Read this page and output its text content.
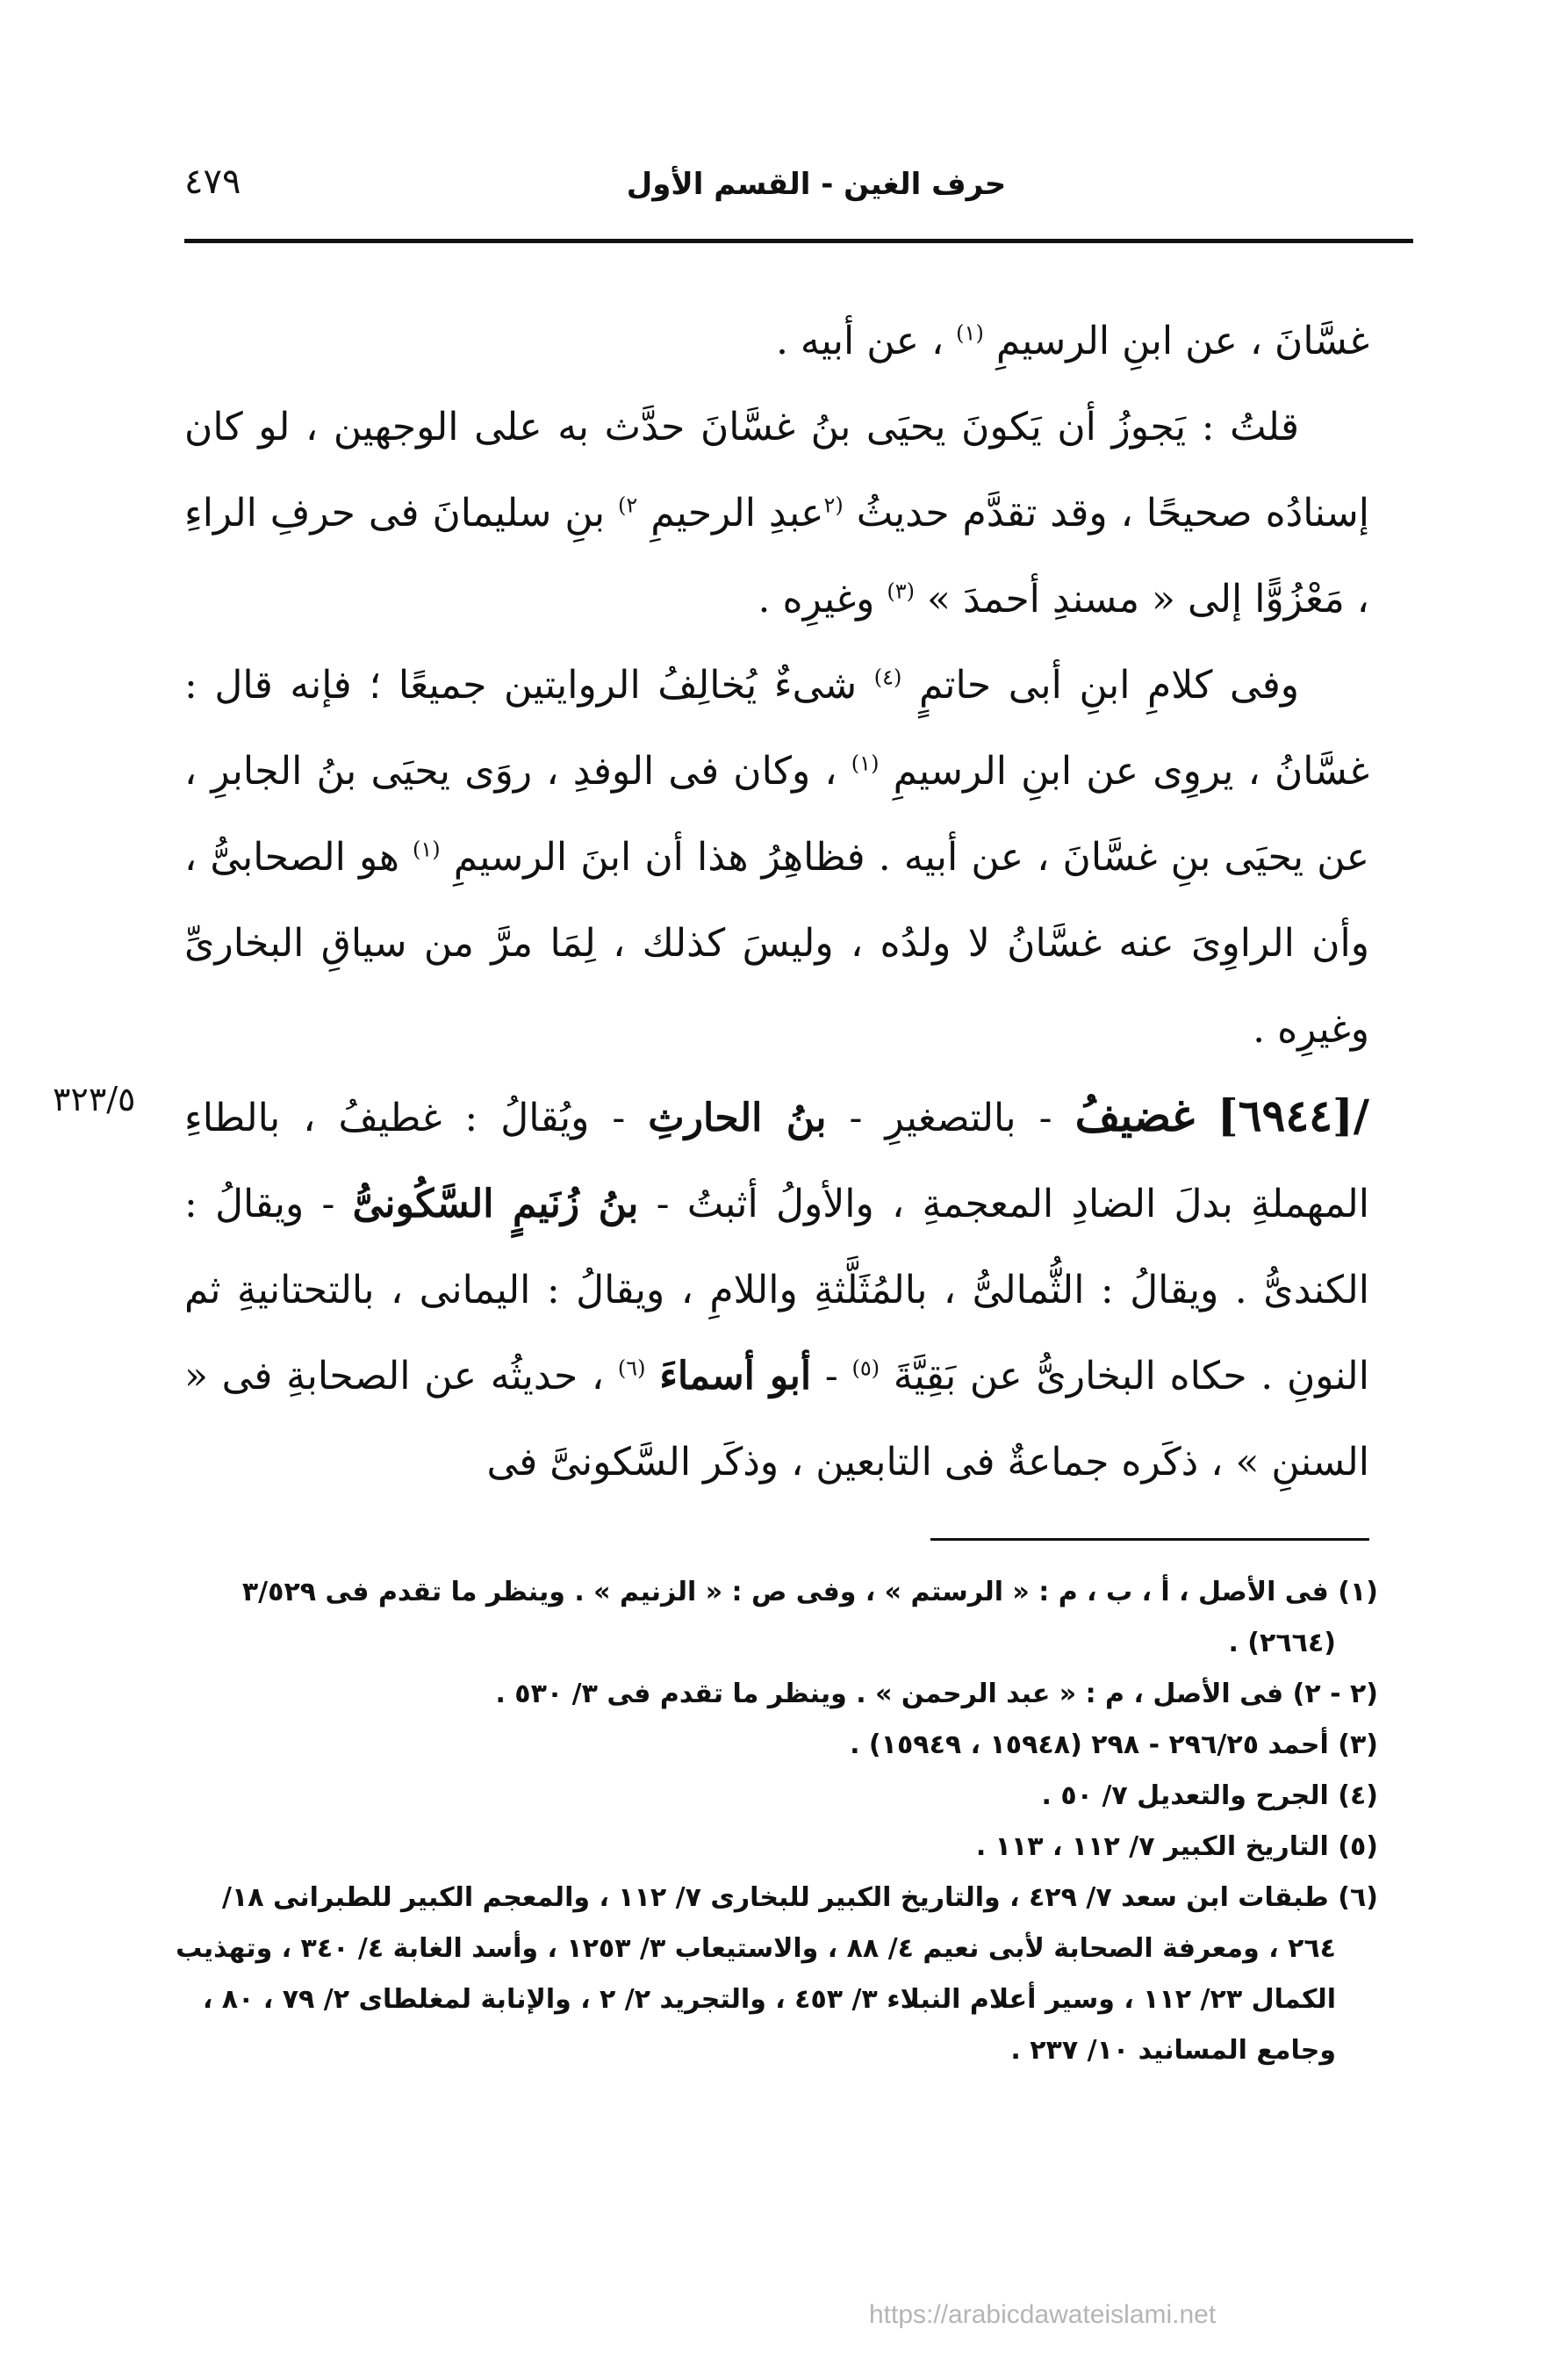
٤٧٩	حرف الغين - القسم الأول
٣٢٣/٥

غسَّانَ ، عن ابنِ الرسيمِ $^{(١)}$ ، عن أبيه .

قلتُ : يَجوزُ أن يَكونَ يحيَى بنُ غسَّانَ حدَّث به على الوجهين ، لو كان إسنادُه صحيحًا ، وقد تقدَّم حديثُ $^{(٢}$عبدِ الرحيمِ $^{٢)}$ بنِ سليمانَ فى حرفِ الراءِ ، مَعْزُوًّا إلى « مسندِ أحمدَ » $^{(٣)}$ وغيرِه .

وفى كلامِ ابنِ أبى حاتمٍ $^{(٤)}$ شىءٌ يُخالِفُ الروايتين جميعًا ؛ فإنه قال : غسَّانُ ، يروِى عن ابنِ الرسيمِ $^{(١)}$ ، وكان فى الوفدِ ، روَى يحيَى بنُ الجابرِ ، عن يحيَى بنِ غسَّانَ ، عن أبيه . فظاهِرُ هذا أن ابنَ الرسيمِ $^{(١)}$ هو الصحابىُّ ، وأن الراوِىَ عنه غسَّانُ لا ولدُه ، وليسَ كذلك ، لِمَا مرَّ من سياقِ البخارىِّ وغيرِه .

/[٦٩٤٤] غضيفُ - بالتصغيرِ - بنُ الحارثِ - ويُقالُ : غطيفُ ، بالطاءِ المهملةِ بدلَ الضادِ المعجمةِ ، والأولُ أثبتُ - بنُ زُنَيمٍ السَّكُونىُّ - ويقالُ : الكندىُّ . ويقالُ : الثُّمالىُّ ، بالمُثَلَّثةِ واللامِ ، ويقالُ : اليمانى ، بالتحتانيةِ ثم النونِ . حكاه البخارىُّ عن بَقِيَّةَ $^{(٥)}$ - أبو أسماءَ $^{(٦)}$ ، حديثُه عن الصحابةِ فى « السننِ » ، ذكَره جماعةٌ فى التابعين ، وذكَر السَّكونىَّ فى

(١) فى الأصل ، أ ، ب ، م : « الرستم » ، وفى ص : « الزنيم » . وينظر ما تقدم فى ٣/٥٢٩
(٢٦٦٤) .

(٢ - ٢) فى الأصل ، م : « عبد الرحمن » . وينظر ما تقدم فى ٣/ ٥٣٠ .

(٣) أحمد ٢٩٦/٢٥ - ٢٩٨ (١٥٩٤٨ ، ١٥٩٤٩) .

(٤) الجرح والتعديل ٧/ ٥٠ .

(٥) التاريخ الكبير ٧/ ١١٢ ، ١١٣ .

(٦) طبقات ابن سعد ٧/ ٤٢٩ ، والتاريخ الكبير للبخارى ٧/ ١١٢ ، والمعجم الكبير للطبرانى ١٨/
٢٦٤ ، ومعرفة الصحابة لأبى نعيم ٤/ ٨٨ ، والاستيعاب ٣/ ١٢٥٣ ، وأسد الغابة ٤/ ٣٤٠ ، وتهذيب الكمال ٢٣/ ١١٢ ، وسير أعلام النبلاء ٣/ ٤٥٣ ، والتجريد ٢/ ٢ ، والإنابة لمغلطاى ٢/ ٧٩ ، ٨٠ ، وجامع المسانيد ١٠/ ٢٣٧ .

https://arabicdawateislami.net
